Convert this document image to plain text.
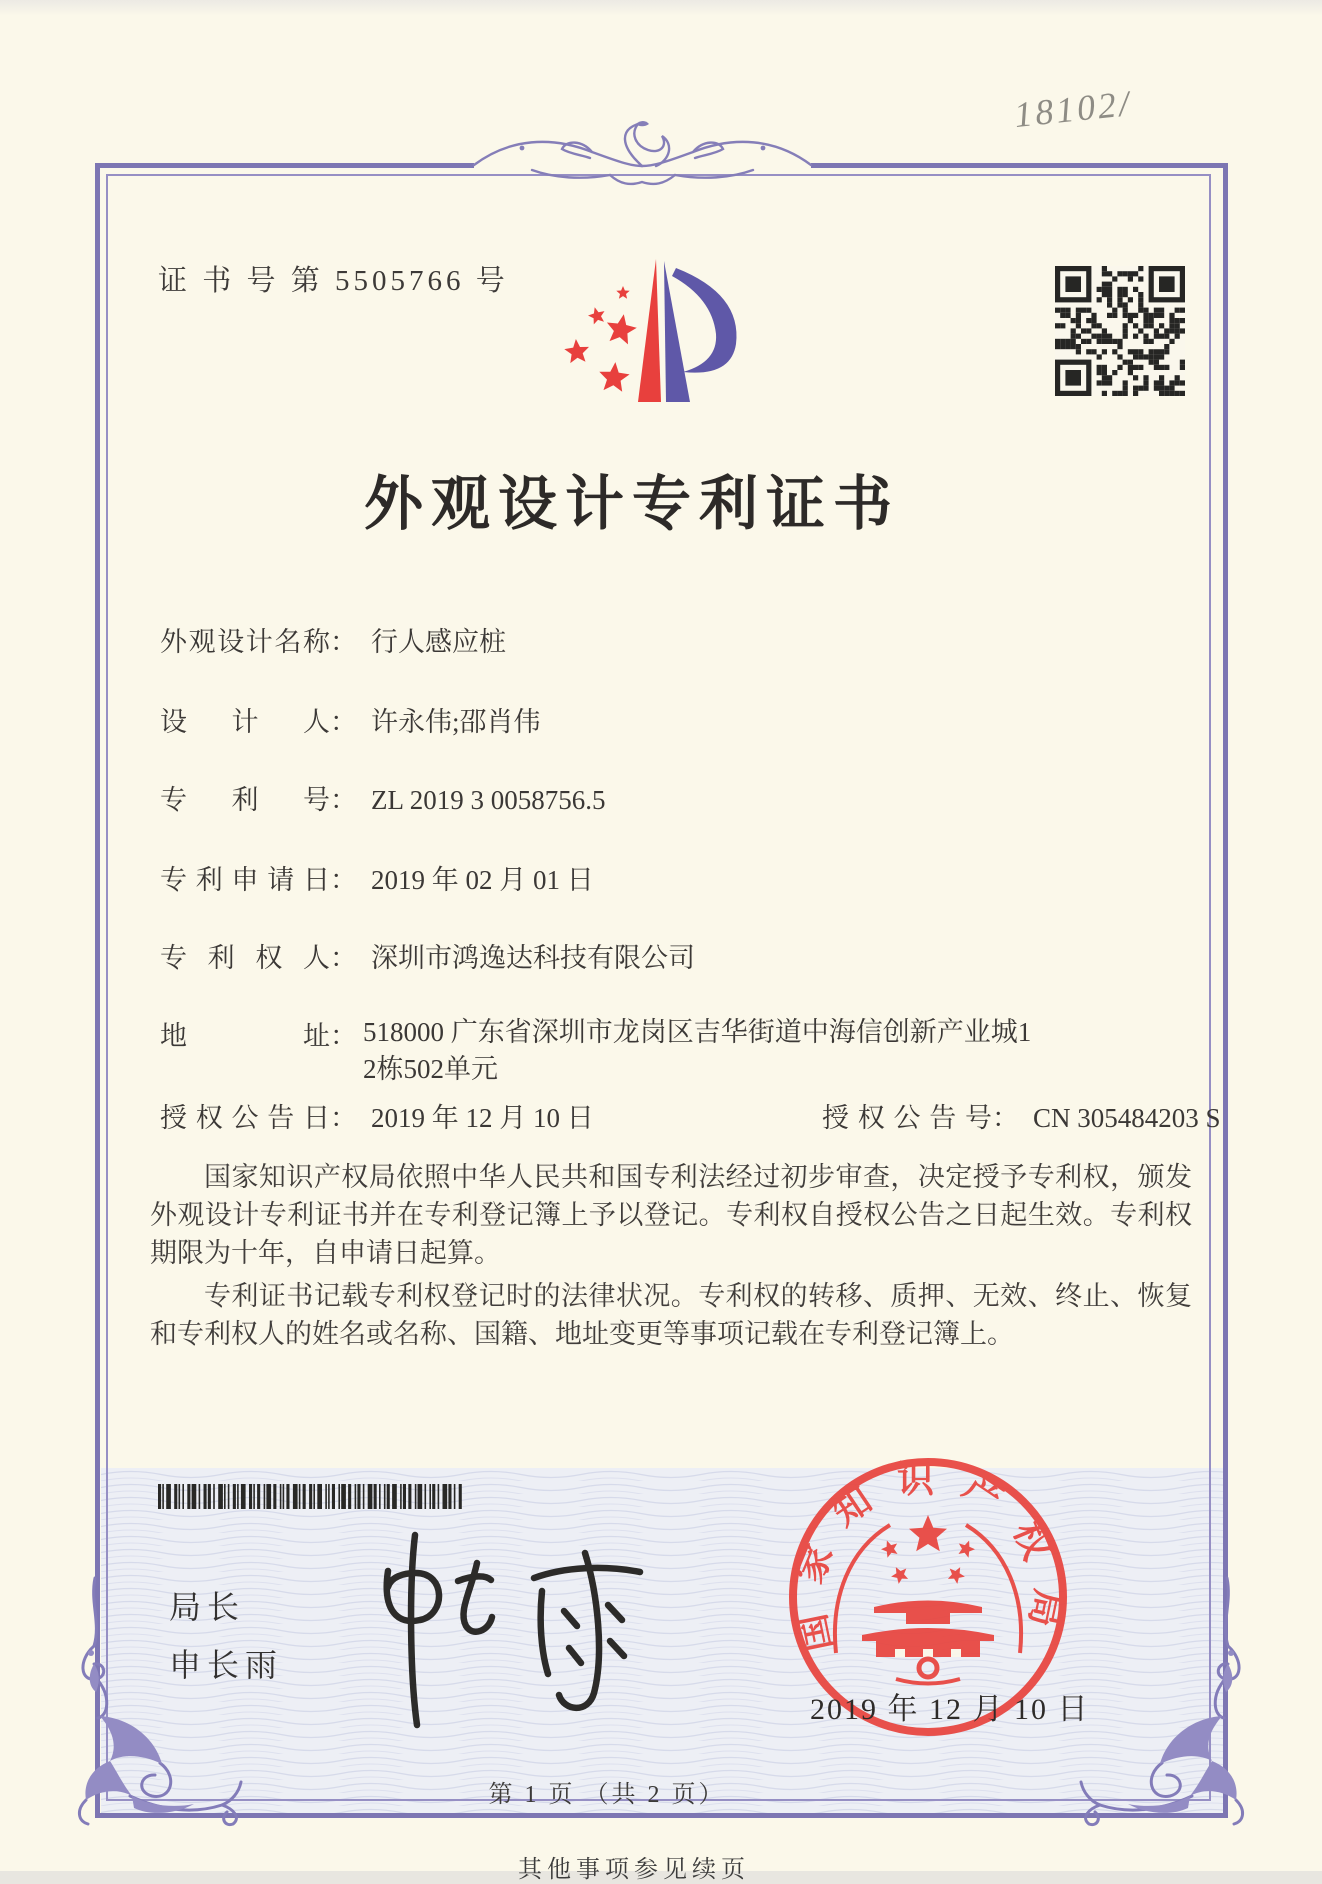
18102/
证 书 号 第 5505766 号
外观设计专利证书
外观设计名称： 行人感应桩
设计人： 许永伟;邵肖伟
专利号： ZL 2019 3 0058756.5
专利申请日： 2019 年 02 月 01 日
专利权人： 深圳市鸿逸达科技有限公司
地址： 518000 广东省深圳市龙岗区吉华街道中海信创新产业城1
2栋502单元
授权公告日： 2019 年 12 月 10 日	授权公告号： CN 305484203 S

国家知识产权局依照中华人民共和国专利法经过初步审查，决定授予专利权，颁发外观设计专利证书并在专利登记簿上予以登记。专利权自授权公告之日起生效。专利权期限为十年，自申请日起算。

专利证书记载专利权登记时的法律状况。专利权的转移、质押、无效、终止、恢复和专利权人的姓名或名称、国籍、地址变更等事项记载在专利登记簿上。

局长
申长雨
国家知识产权局
2019 年 12 月 10 日
第 1 页 （共 2 页）
其他事项参见续页
